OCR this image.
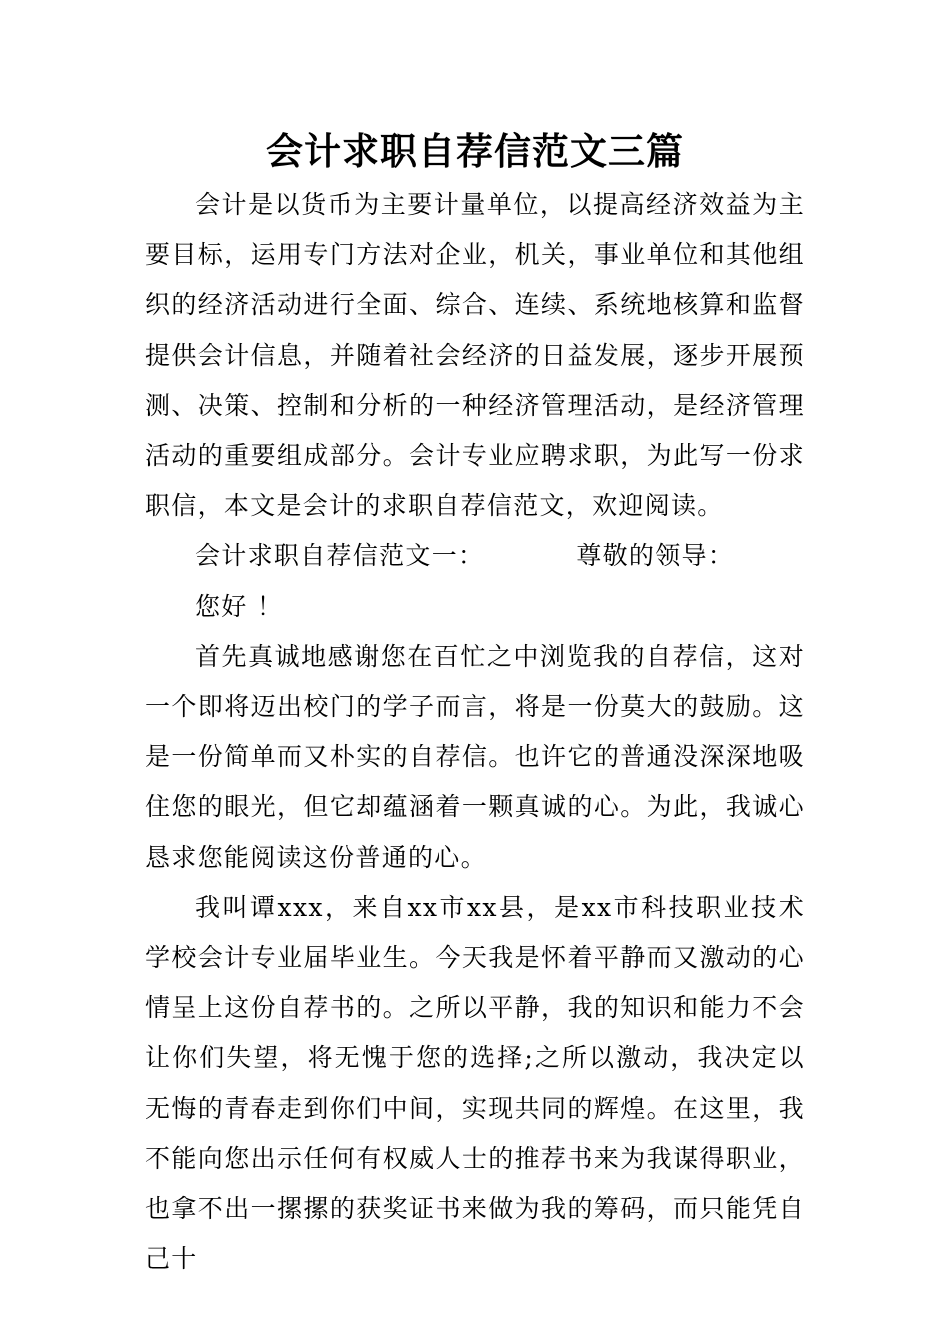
会计求职自荐信范文三篇

会计是以货币为主要计量单位，以提高经济效益为主要目标，运用专门方法对企业，机关，事业单位和其他组织的经济活动进行全面、综合、连续、系统地核算和监督提供会计信息，并随着社会经济的日益发展，逐步开展预测、决策、控制和分析的一种经济管理活动，是经济管理活动的重要组成部分。会计专业应聘求职，为此写一份求职信，本文是会计的求职自荐信范文，欢迎阅读。

会计求职自荐信范文一：	尊敬的领导：

您好 ！

首先真诚地感谢您在百忙之中浏览我的自荐信，这对一个即将迈出校门的学子而言，将是一份莫大的鼓励。这是一份简单而又朴实的自荐信。也许它的普通没深深地吸住您的眼光，但它却蕴涵着一颗真诚的心。为此，我诚心恳求您能阅读这份普通的心。

我叫谭xxx，来自xx市xx县，是xx市科技职业技术学校会计专业届毕业生。今天我是怀着平静而又激动的心情呈上这份自荐书的。之所以平静，我的知识和能力不会让你们失望，将无愧于您的选择;之所以激动，我决定以无悔的青春走到你们中间，实现共同的辉煌。在这里，我不能向您出示任何有权威人士的推荐书来为我谋得职业，也拿不出一摞摞的获奖证书来做为我的筹码，而只能凭自己十
